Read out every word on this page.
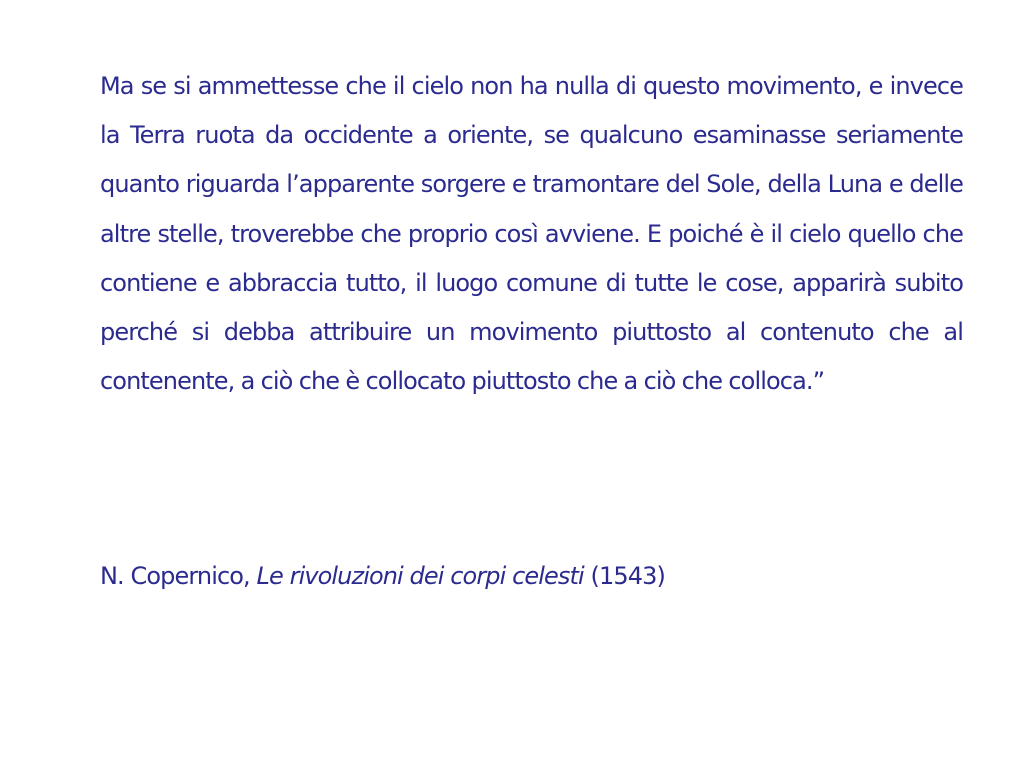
Ma se si ammettesse che il cielo non ha nulla di questo movimento, e invece la Terra ruota da occidente a oriente, se qualcuno esaminasse seriamente quanto riguarda l’apparente sorgere e tramontare del Sole, della Luna e delle altre stelle, troverebbe che proprio così avviene. E poiché è il cielo quello che contiene e abbraccia tutto, il luogo comune di tutte le cose, apparirà subito perché si debba attribuire un movimento piuttosto al contenuto che al contenente, a ciò che è collocato piuttosto che a ciò che colloca.”

N. Copernico, Le rivoluzioni dei corpi celesti (1543)
